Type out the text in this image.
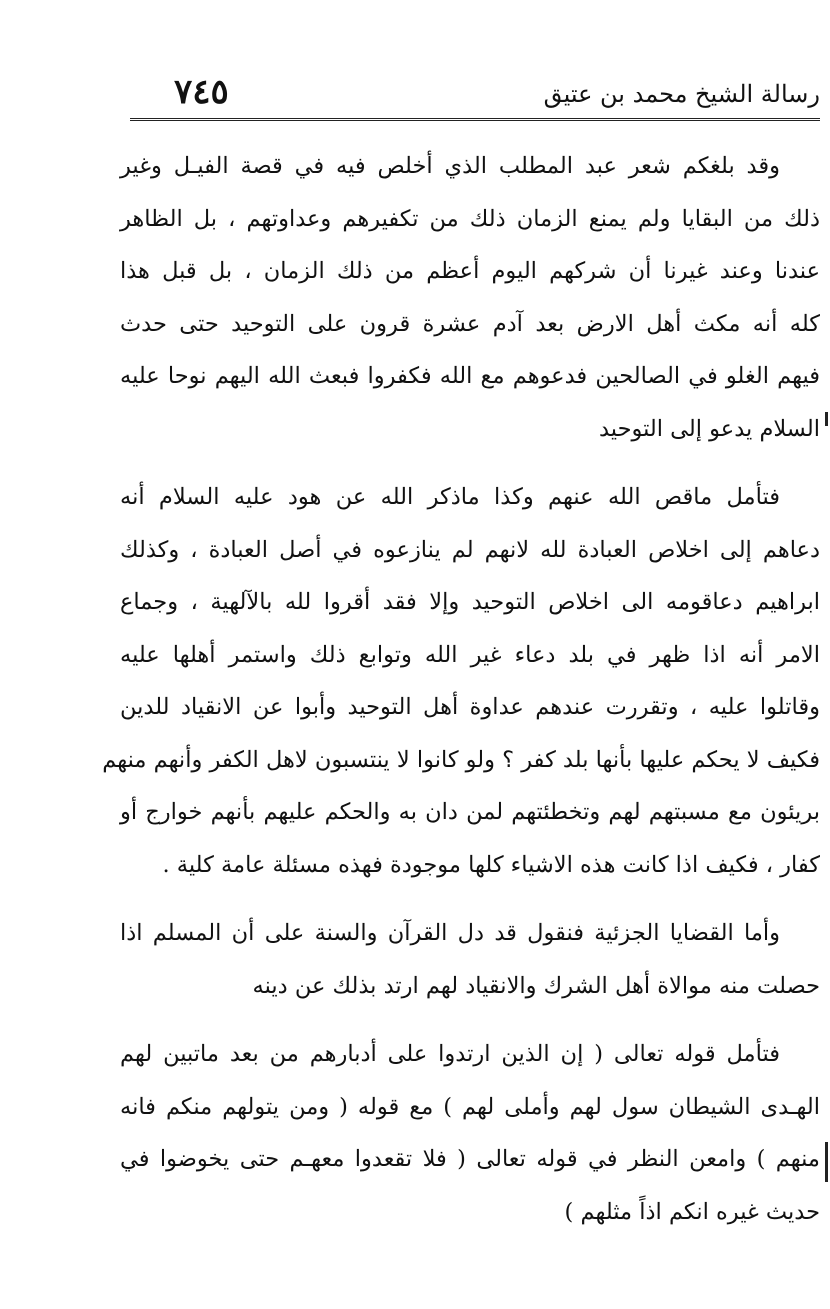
رسالة الشيخ محمد بن عتيق
٧٤٥

وقد بلغكم شعر عبد المطلب الذي أخلص فيه في قصة الفيـل وغير
ذلك من البقايا ولم يمنع الزمان ذلك من تكفيرهم وعداوتهم ، بل الظاهر
عندنا وعند غيرنا أن شركهم اليوم أعظم من ذلك الزمان ، بل قبل هذا
كله أنه مكث أهل الارض بعد آدم عشرة قرون على التوحيد حتى حدث
فيهم الغلو في الصالحين فدعوهم مع الله فكفروا فبعث الله اليهم نوحا عليه
السلام يدعو إلى التوحيد

فتأمل ماقص الله عنهم وكذا ماذكر الله عن هود عليه السلام أنه
دعاهم إلى اخلاص العبادة لله لانهم لم ينازعوه في أصل العبادة ، وكذلك
ابراهيم دعاقومه الى اخلاص التوحيد وإلا فقد أقروا لله بالآلهية ، وجماع
الامر أنه اذا ظهر في بلد دعاء غير الله وتوابع ذلك واستمر أهلها عليه
وقاتلوا عليه ، وتقررت عندهم عداوة أهل التوحيد وأبوا عن الانقياد للدين
فكيف لا يحكم عليها بأنها بلد كفر ؟ ولو كانوا لا ينتسبون لاهل الكفر وأنهم منهم
بريئون مع مسبتهم لهم وتخطئتهم لمن دان به والحكم عليهم بأنهم خوارج أو
كفار ، فكيف اذا كانت هذه الاشياء كلها موجودة فهذه مسئلة عامة كلية .

وأما القضايا الجزئية فنقول قد دل القرآن والسنة على أن المسلم اذا
حصلت منه موالاة أهل الشرك والانقياد لهم ارتد بذلك عن دينه

فتأمل قوله تعالى ( إن الذين ارتدوا على أدبارهم من بعد ماتبين لهم
الهـدى الشيطان سول لهم وأملى لهم ) مع قوله ( ومن يتولهم منكم فانه
منهم ) وامعن النظر في قوله تعالى ( فلا تقعدوا معهـم حتى يخوضوا في
حديث غيره انكم اذاً مثلهم )
